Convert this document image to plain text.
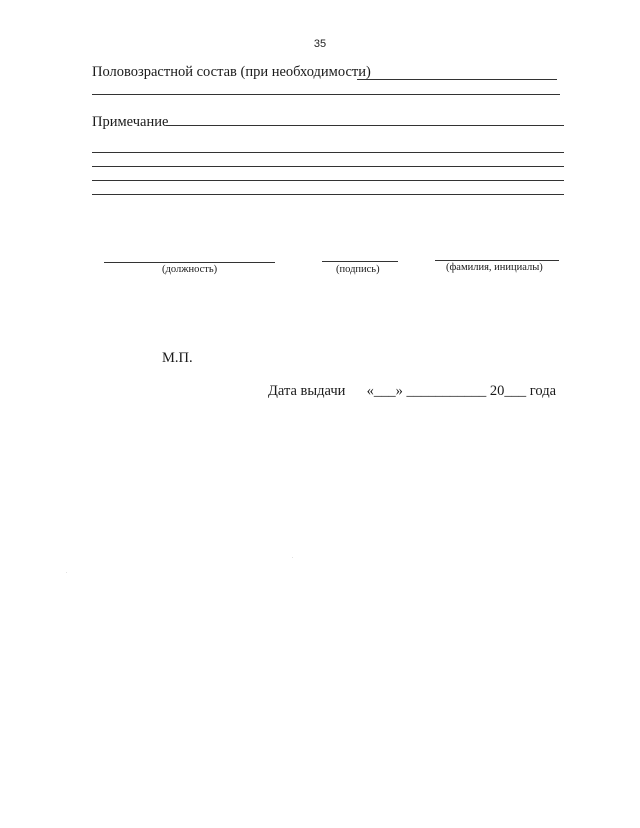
35
Половозрастной состав (при необходимости)
Примечание
(должность)	(подпись)	(фамилия, инициалы)
М.П.
Дата выдачи «___» ___________ 20___ года
